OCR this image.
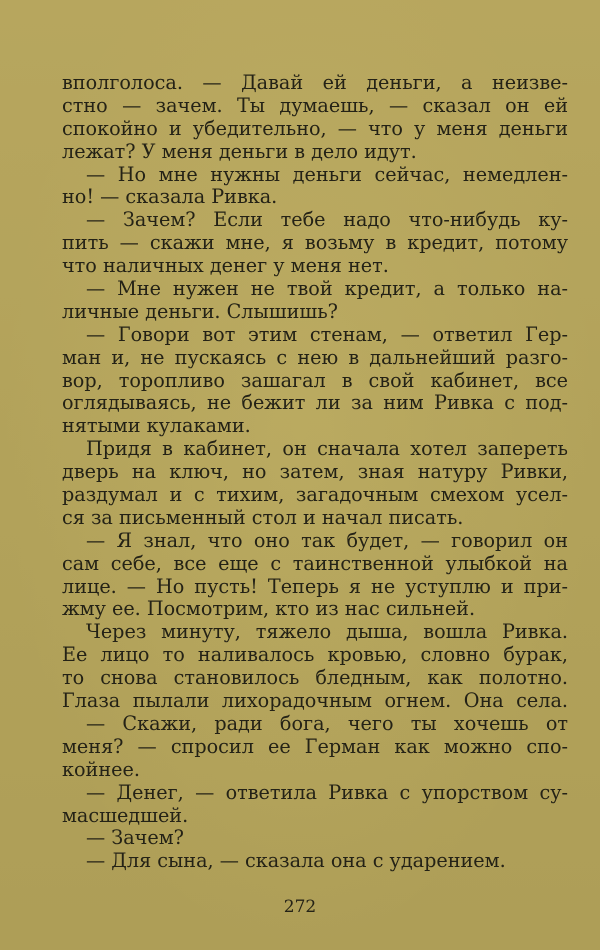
вполголоса. — Давай ей деньги, а неизве-
стно — зачем. Ты думаешь, — сказал он ей
спокойно и убедительно, — что у меня деньги
лежат? У меня деньги в дело идут.
— Но мне нужны деньги сейчас, немедлен-
но! — сказала Ривка.
— Зачем? Если тебе надо что-нибудь ку-
пить — скажи мне, я возьму в кредит, потому
что наличных денег у меня нет.
— Мне нужен не твой кредит, а только на-
личные деньги. Слышишь?
— Говори вот этим стенам, — ответил Гер-
ман и, не пускаясь с нею в дальнейший разго-
вор, торопливо зашагал в свой кабинет, все
оглядываясь, не бежит ли за ним Ривка с под-
нятыми кулаками.
Придя в кабинет, он сначала хотел запереть
дверь на ключ, но затем, зная натуру Ривки,
раздумал и с тихим, загадочным смехом усел-
ся за письменный стол и начал писать.
— Я знал, что оно так будет, — говорил он
сам себе, все еще с таинственной улыбкой на
лице. — Но пусть! Теперь я не уступлю и при-
жму ее. Посмотрим, кто из нас сильней.
Через минуту, тяжело дыша, вошла Ривка.
Ее лицо то наливалось кровью, словно бурак,
то снова становилось бледным, как полотно.
Глаза пылали лихорадочным огнем. Она села.
— Скажи, ради бога, чего ты хочешь от
меня? — спросил ее Герман как можно спо-
койнее.
— Денег, — ответила Ривка с упорством су-
масшедшей.
— Зачем?
— Для сына, — сказала она с ударением.
272
